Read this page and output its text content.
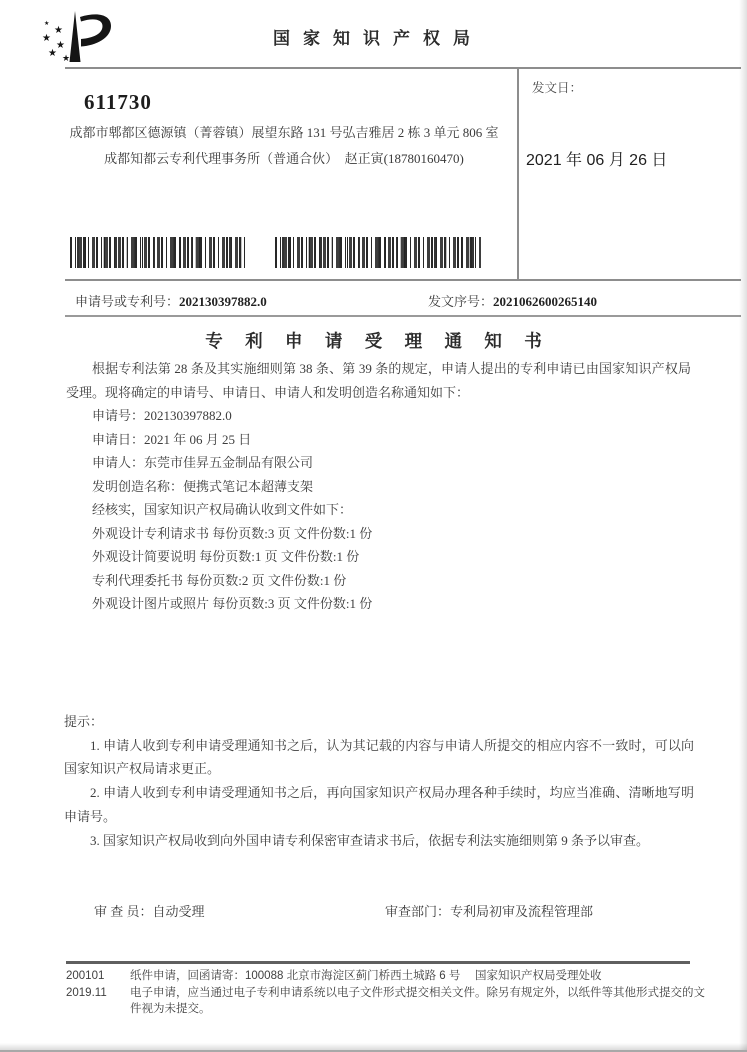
★
★
★
★
★ ★
国家知识产权局
发文日：
2021 年 06 月 26 日
611730
成都市郫都区德源镇（菁蓉镇）展望东路 131 号弘吉雅居 2 栋 3 单元 806 室
成都知都云专利代理事务所（普通合伙）　赵正寅(18780160470)
申请号或专利号：202130397882.0	发文序号：2021062600265140
专 利 申 请 受 理 通 知 书

根据专利法第 28 条及其实施细则第 38 条、第 39 条的规定，申请人提出的专利申请已由国家知识产权局受理。现将确定的申请号、申请日、申请人和发明创造名称通知如下：

申请号：202130397882.0

申请日：2021 年 06 月 25 日

申请人：东莞市佳昇五金制品有限公司

发明创造名称：便携式笔记本超薄支架

经核实，国家知识产权局确认收到文件如下：

外观设计专利请求书 每份页数:3 页 文件份数:1 份

外观设计简要说明 每份页数:1 页 文件份数:1 份

专利代理委托书 每份页数:2 页 文件份数:1 份

外观设计图片或照片 每份页数:3 页 文件份数:1 份

提示：

1. 申请人收到专利申请受理通知书之后，认为其记载的内容与申请人所提交的相应内容不一致时，可以向国家知识产权局请求更正。

2. 申请人收到专利申请受理通知书之后，再向国家知识产权局办理各种手续时，均应当准确、清晰地写明申请号。

3. 国家知识产权局收到向外国申请专利保密审查请求书后，依据专利法实施细则第 9 条予以审查。

审 查 员：自动受理	审查部门：专利局初审及流程管理部
200101	纸件申请，回函请寄：100088 北京市海淀区蓟门桥西土城路 6 号　 国家知识产权局受理处收
2019.11	电子申请，应当通过电子专利申请系统以电子文件形式提交相关文件。除另有规定外，以纸件等其他形式提交的文件视为未提交。
